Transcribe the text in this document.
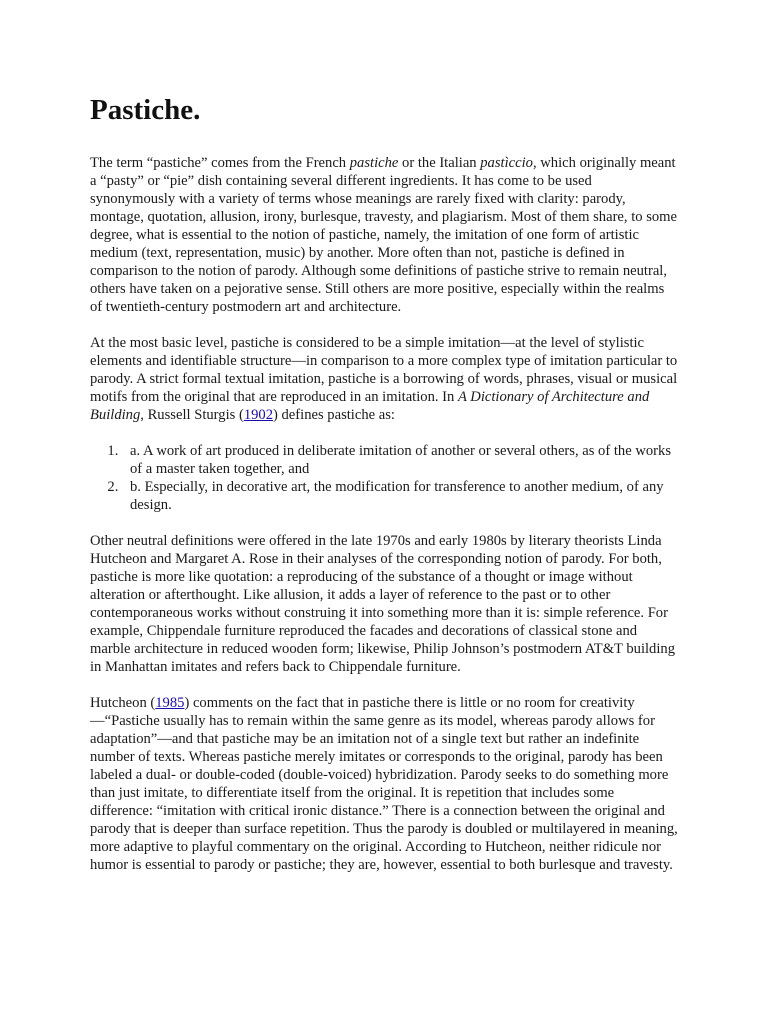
Pastiche.

The term “pastiche” comes from the French pastiche or the Italian pastìccio, which originally meant a “pasty” or “pie” dish containing several different ingredients. It has come to be used synonymously with a variety of terms whose meanings are rarely fixed with clarity: parody, montage, quotation, allusion, irony, burlesque, travesty, and plagiarism. Most of them share, to some degree, what is essential to the notion of pastiche, namely, the imitation of one form of artistic medium (text, representation, music) by another. More often than not, pastiche is defined in comparison to the notion of parody. Although some definitions of pastiche strive to remain neutral, others have taken on a pejorative sense. Still others are more positive, especially within the realms of twentieth-century postmodern art and architecture.

At the most basic level, pastiche is considered to be a simple imitation—at the level of stylistic elements and identifiable structure—in comparison to a more complex type of imitation particular to parody. A strict formal textual imitation, pastiche is a borrowing of words, phrases, visual or musical motifs from the original that are reproduced in an imitation. In A Dictionary of Architecture and Building, Russell Sturgis (1902) defines pastiche as:

1. a. A work of art produced in deliberate imitation of another or several others, as of the works of a master taken together, and
2. b. Especially, in decorative art, the modification for transference to another medium, of any design.

Other neutral definitions were offered in the late 1970s and early 1980s by literary theorists Linda Hutcheon and Margaret A. Rose in their analyses of the corresponding notion of parody. For both, pastiche is more like quotation: a reproducing of the substance of a thought or image without alteration or afterthought. Like allusion, it adds a layer of reference to the past or to other contemporaneous works without construing it into something more than it is: simple reference. For example, Chippendale furniture reproduced the facades and decorations of classical stone and marble architecture in reduced wooden form; likewise, Philip Johnson’s postmodern AT&T building in Manhattan imitates and refers back to Chippendale furniture.

Hutcheon (1985) comments on the fact that in pastiche there is little or no room for creativity—“Pastiche usually has to remain within the same genre as its model, whereas parody allows for adaptation”—and that pastiche may be an imitation not of a single text but rather an indefinite number of texts. Whereas pastiche merely imitates or corresponds to the original, parody has been labeled a dual- or double-coded (double-voiced) hybridization. Parody seeks to do something more than just imitate, to differentiate itself from the original. It is repetition that includes some difference: “imitation with critical ironic distance.” There is a connection between the original and parody that is deeper than surface repetition. Thus the parody is doubled or multilayered in meaning, more adaptive to playful commentary on the original. According to Hutcheon, neither ridicule nor humor is essential to parody or pastiche; they are, however, essential to both burlesque and travesty.
